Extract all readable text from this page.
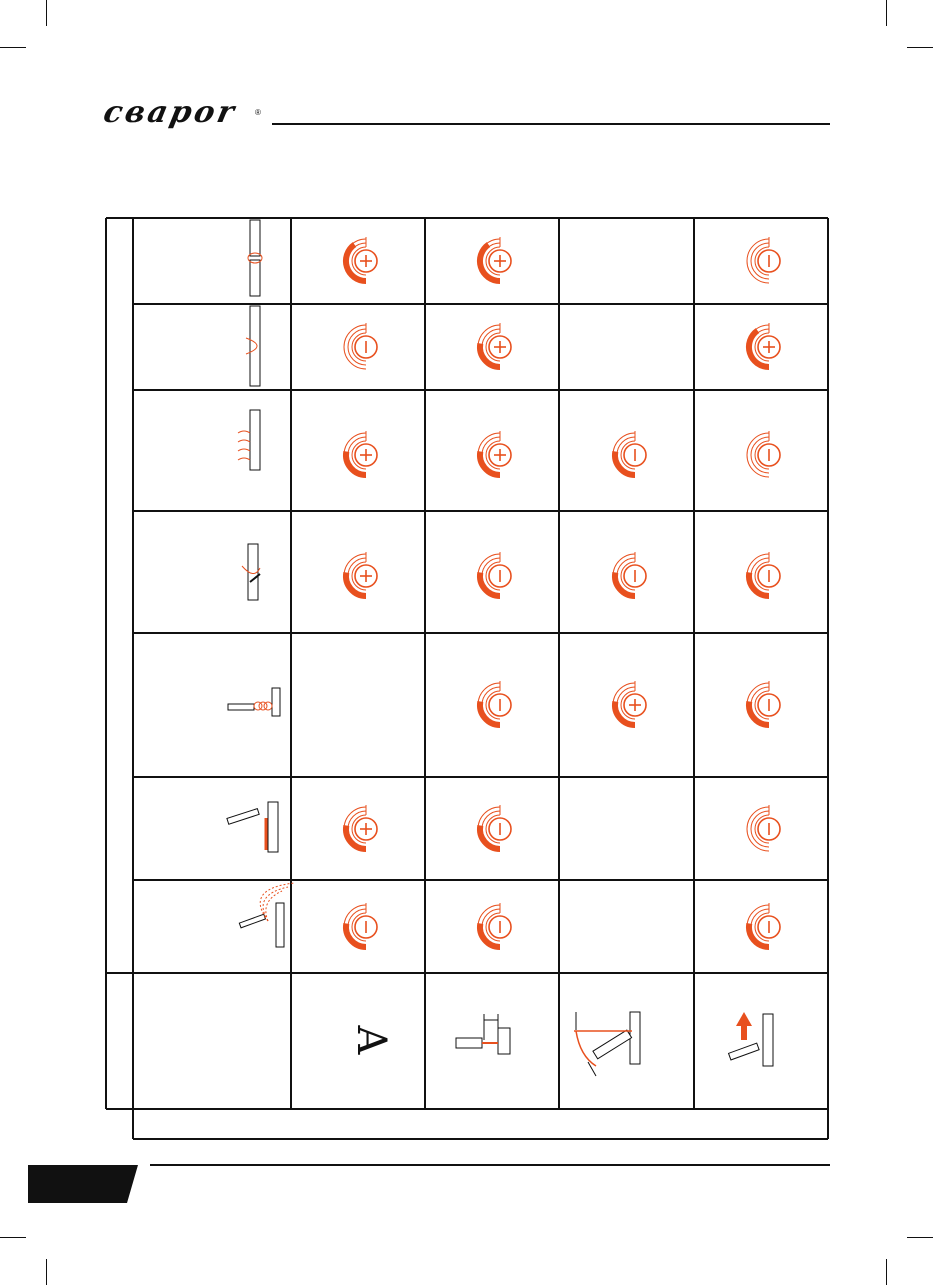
свapor ®
A
